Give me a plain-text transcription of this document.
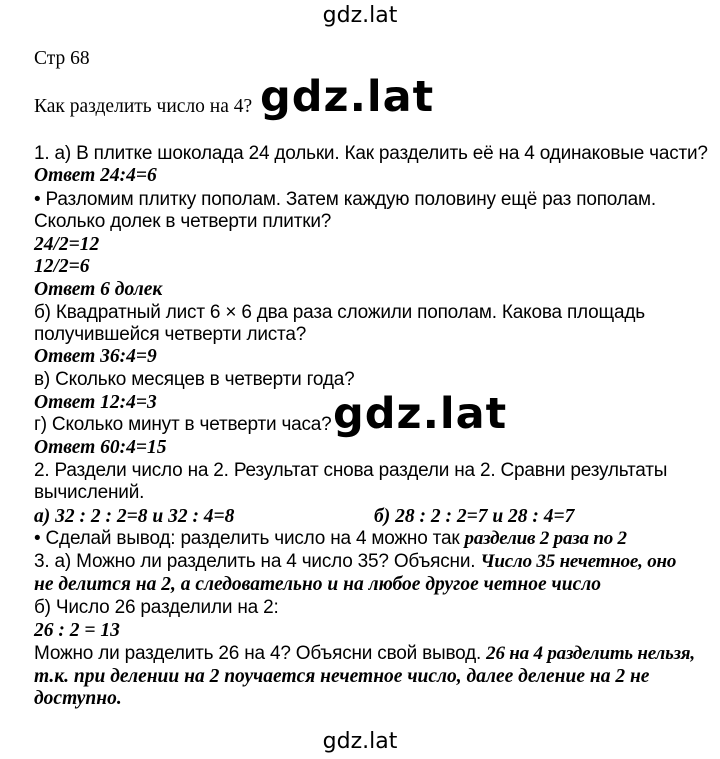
gdz.lat
Стр 68
Как разделить число на 4? gdz.lat
1. а) В плитке шоколада 24 дольки. Как разделить её на 4 одинаковые части?
Ответ 24:4=6
• Разломим плитку пополам. Затем каждую половину ещё раз пополам.
Сколько долек в четверти плитки?
24/2=12
12/2=6
Ответ 6 долек
б) Квадратный лист 6 × 6 два раза сложили пополам. Какова площадь
получившейся четверти листа?
Ответ 36:4=9
в) Сколько месяцев в четверти года?
Ответ 12:4=3
г) Сколько минут в четверти часа? gdz.lat
Ответ 60:4=15
2. Раздели число на 2. Результат снова раздели на 2. Сравни результаты
вычислений.
а) 32 : 2 : 2=8 и 32 : 4=8	б) 28 : 2 : 2=7 и 28 : 4=7
• Сделай вывод: разделить число на 4 можно так разделив 2 раза по 2
3. а) Можно ли разделить на 4 число 35? Объясни. Число 35 нечетное, оно
не делится на 2, а следовательно и на любое другое четное число
б) Число 26 разделили на 2:
26 : 2 = 13
Можно ли разделить 26 на 4? Объясни свой вывод. 26 на 4 разделить нельзя,
т.к. при делении на 2 поучается нечетное число, далее деление на 2 не
доступно.
gdz.lat
